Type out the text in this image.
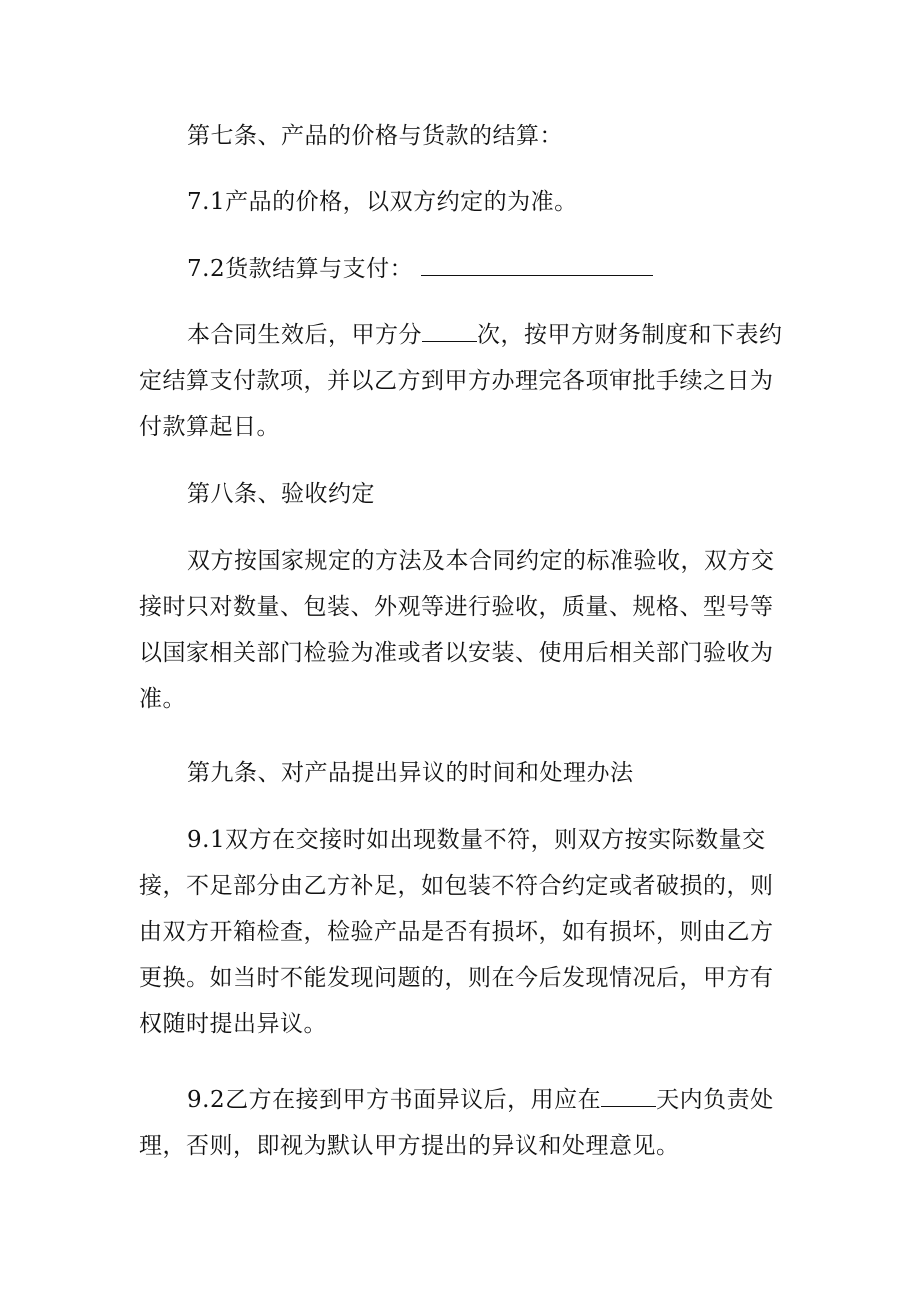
第七条、产品的价格与货款的结算：

7.1产品的价格，以双方约定的为准。

7.2货款结算与支付：

本合同生效后，甲方分 次，按甲方财务制度和下表约
定结算支付款项，并以乙方到甲方办理完各项审批手续之日为
付款算起日。

第八条、验收约定

双方按国家规定的方法及本合同约定的标准验收，双方交
接时只对数量、包装、外观等进行验收，质量、规格、型号等
以国家相关部门检验为准或者以安装、使用后相关部门验收为
准。

第九条、对产品提出异议的时间和处理办法

9.1双方在交接时如出现数量不符，则双方按实际数量交
接，不足部分由乙方补足，如包装不符合约定或者破损的，则
由双方开箱检查，检验产品是否有损坏，如有损坏，则由乙方
更换。如当时不能发现问题的，则在今后发现情况后，甲方有
权随时提出异议。

9.2乙方在接到甲方书面异议后，用应在 天内负责处
理，否则，即视为默认甲方提出的异议和处理意见。
